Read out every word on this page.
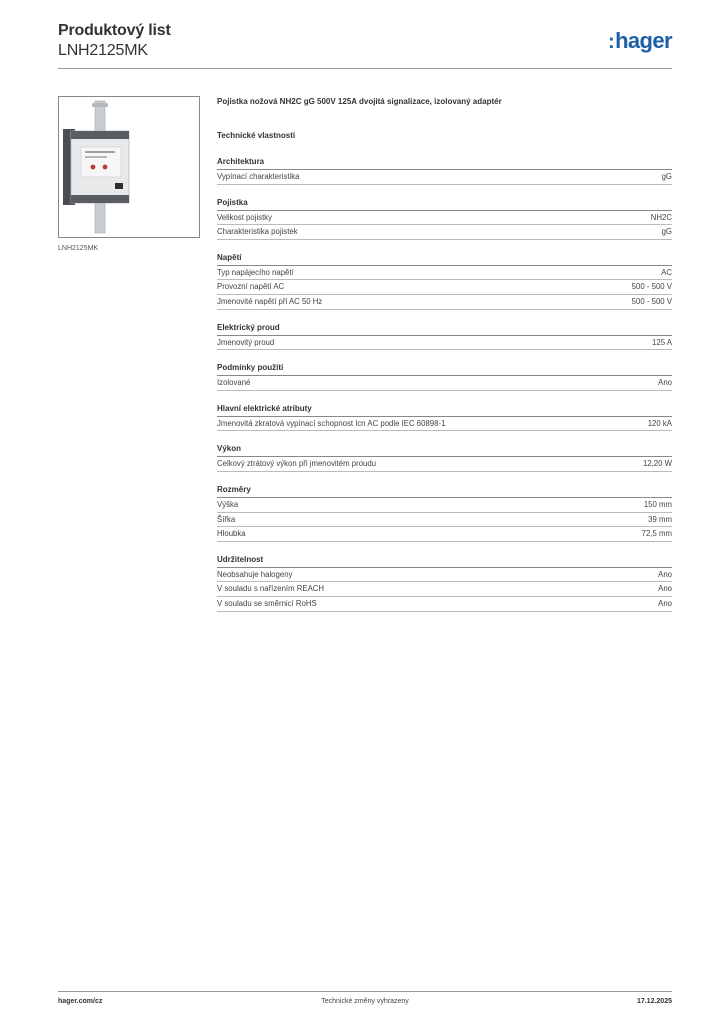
Produktový list
LNH2125MK	:hager
LNH2125MK
Pojistka nožová NH2C gG 500V 125A dvojitá signalizace, izolovaný adaptér
Technické vlastnosti
Architektura
Vypínací charakteristika	gG
Pojistka
Velikost pojistky	NH2C
Charakteristika pojistek	gG
Napětí
Typ napájecího napětí	AC
Provozní napětí AC	500 - 500 V
Jmenovité napětí při AC 50 Hz	500 - 500 V
Elektrický proud
Jmenovitý proud	125 A
Podmínky použití
Izolované	Ano
Hlavní elektrické atributy
Jmenovitá zkratová vypínací schopnost Icn AC podle IEC 60898-1	120 kA
Výkon
Celkový ztrátový výkon při jmenovitém proudu	12,20 W
Rozměry
Výška	150 mm
Šířka	39 mm
Hloubka	72,5 mm
Udržitelnost
Neobsahuje halogeny	Ano
V souladu s nařízením REACH	Ano
V souladu se směrnicí RoHS	Ano
hager.com/cz	Technické změny vyhrazeny	17.12.2025
